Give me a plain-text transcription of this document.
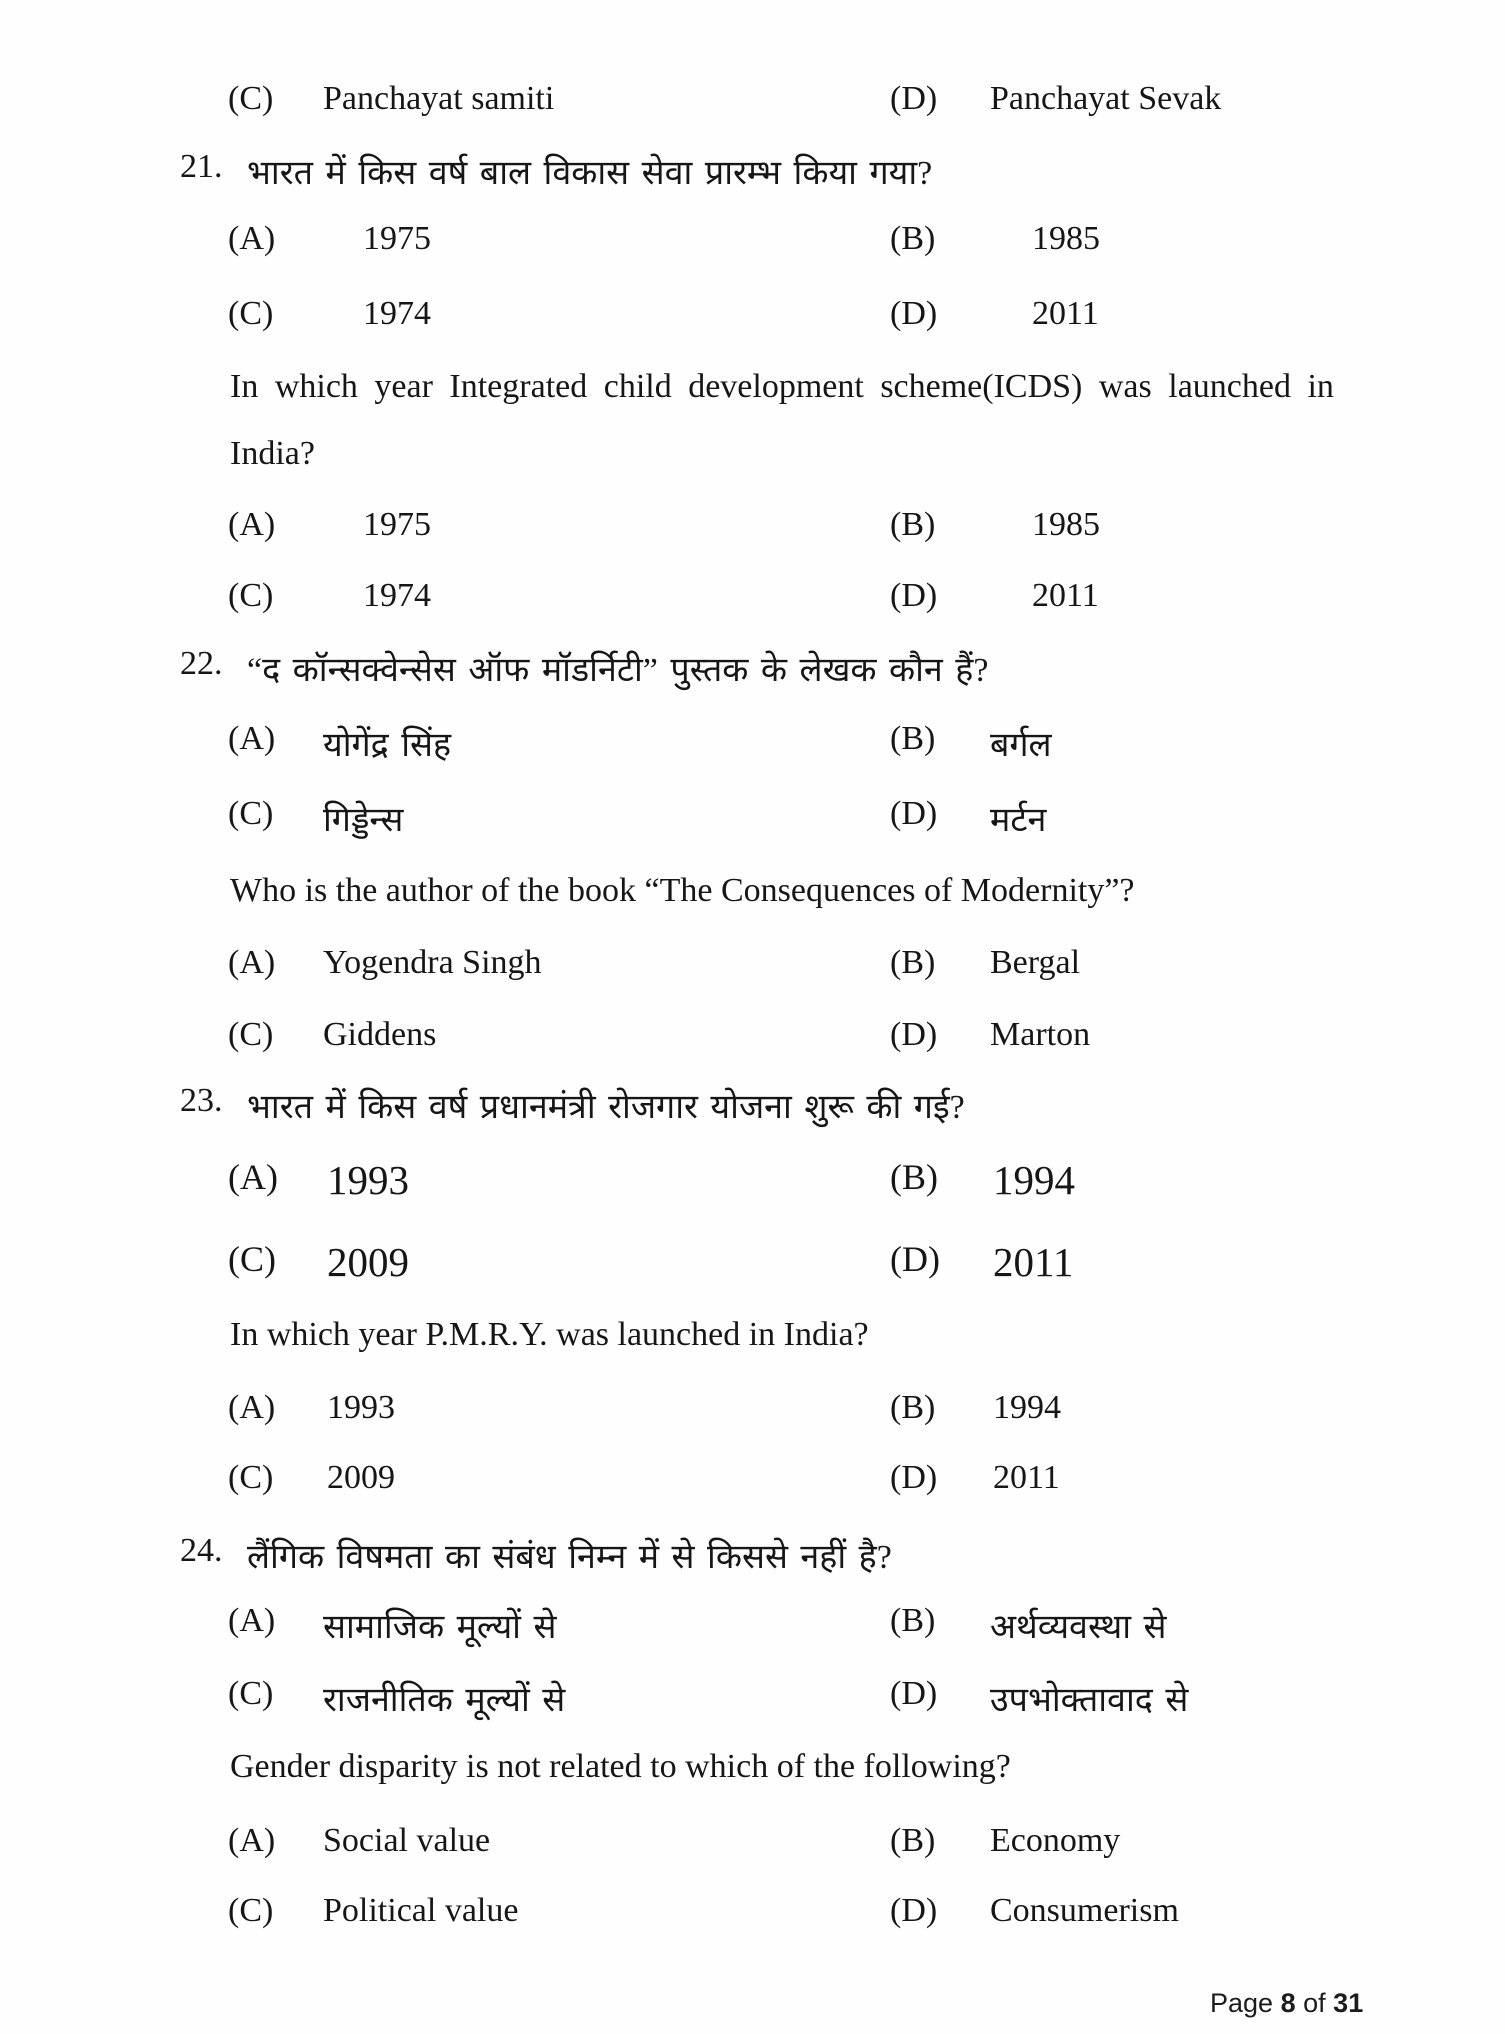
(C) Panchayat samiti	(D) Panchayat Sevak
21. भारत में किस वर्ष बाल विकास सेवा प्रारम्भ किया गया?
(A)	1975	(B)	1985
(C)	1974	(D)	2011
In which year Integrated child development scheme(ICDS) was launched in
India?
(A)	1975	(B)	1985
(C)	1974	(D)	2011
22. “द कॉन्सक्वेन्सेस ऑफ मॉडर्निटी” पुस्तक के लेखक कौन हैं?
(A) योगेंद्र सिंह	(B) बर्गल
(C) गिड्डेन्स	(D) मर्टन
Who is the author of the book “The Consequences of Modernity”?
(A) Yogendra Singh	(B) Bergal
(C) Giddens	(D) Marton
23. भारत में किस वर्ष प्रधानमंत्री रोजगार योजना शुरू की गई?
(A) 1993	(B) 1994
(C) 2009	(D) 2011
In which year P.M.R.Y. was launched in India?
(A) 1993	(B) 1994
(C) 2009	(D) 2011
24. लैंगिक विषमता का संबंध निम्न में से किससे नहीं है?
(A) सामाजिक मूल्यों से	(B) अर्थव्यवस्था से
(C) राजनीतिक मूल्यों से	(D) उपभोक्तावाद से
Gender disparity is not related to which of the following?
(A) Social value	(B) Economy
(C) Political value	(D) Consumerism
Page 8 of 31
